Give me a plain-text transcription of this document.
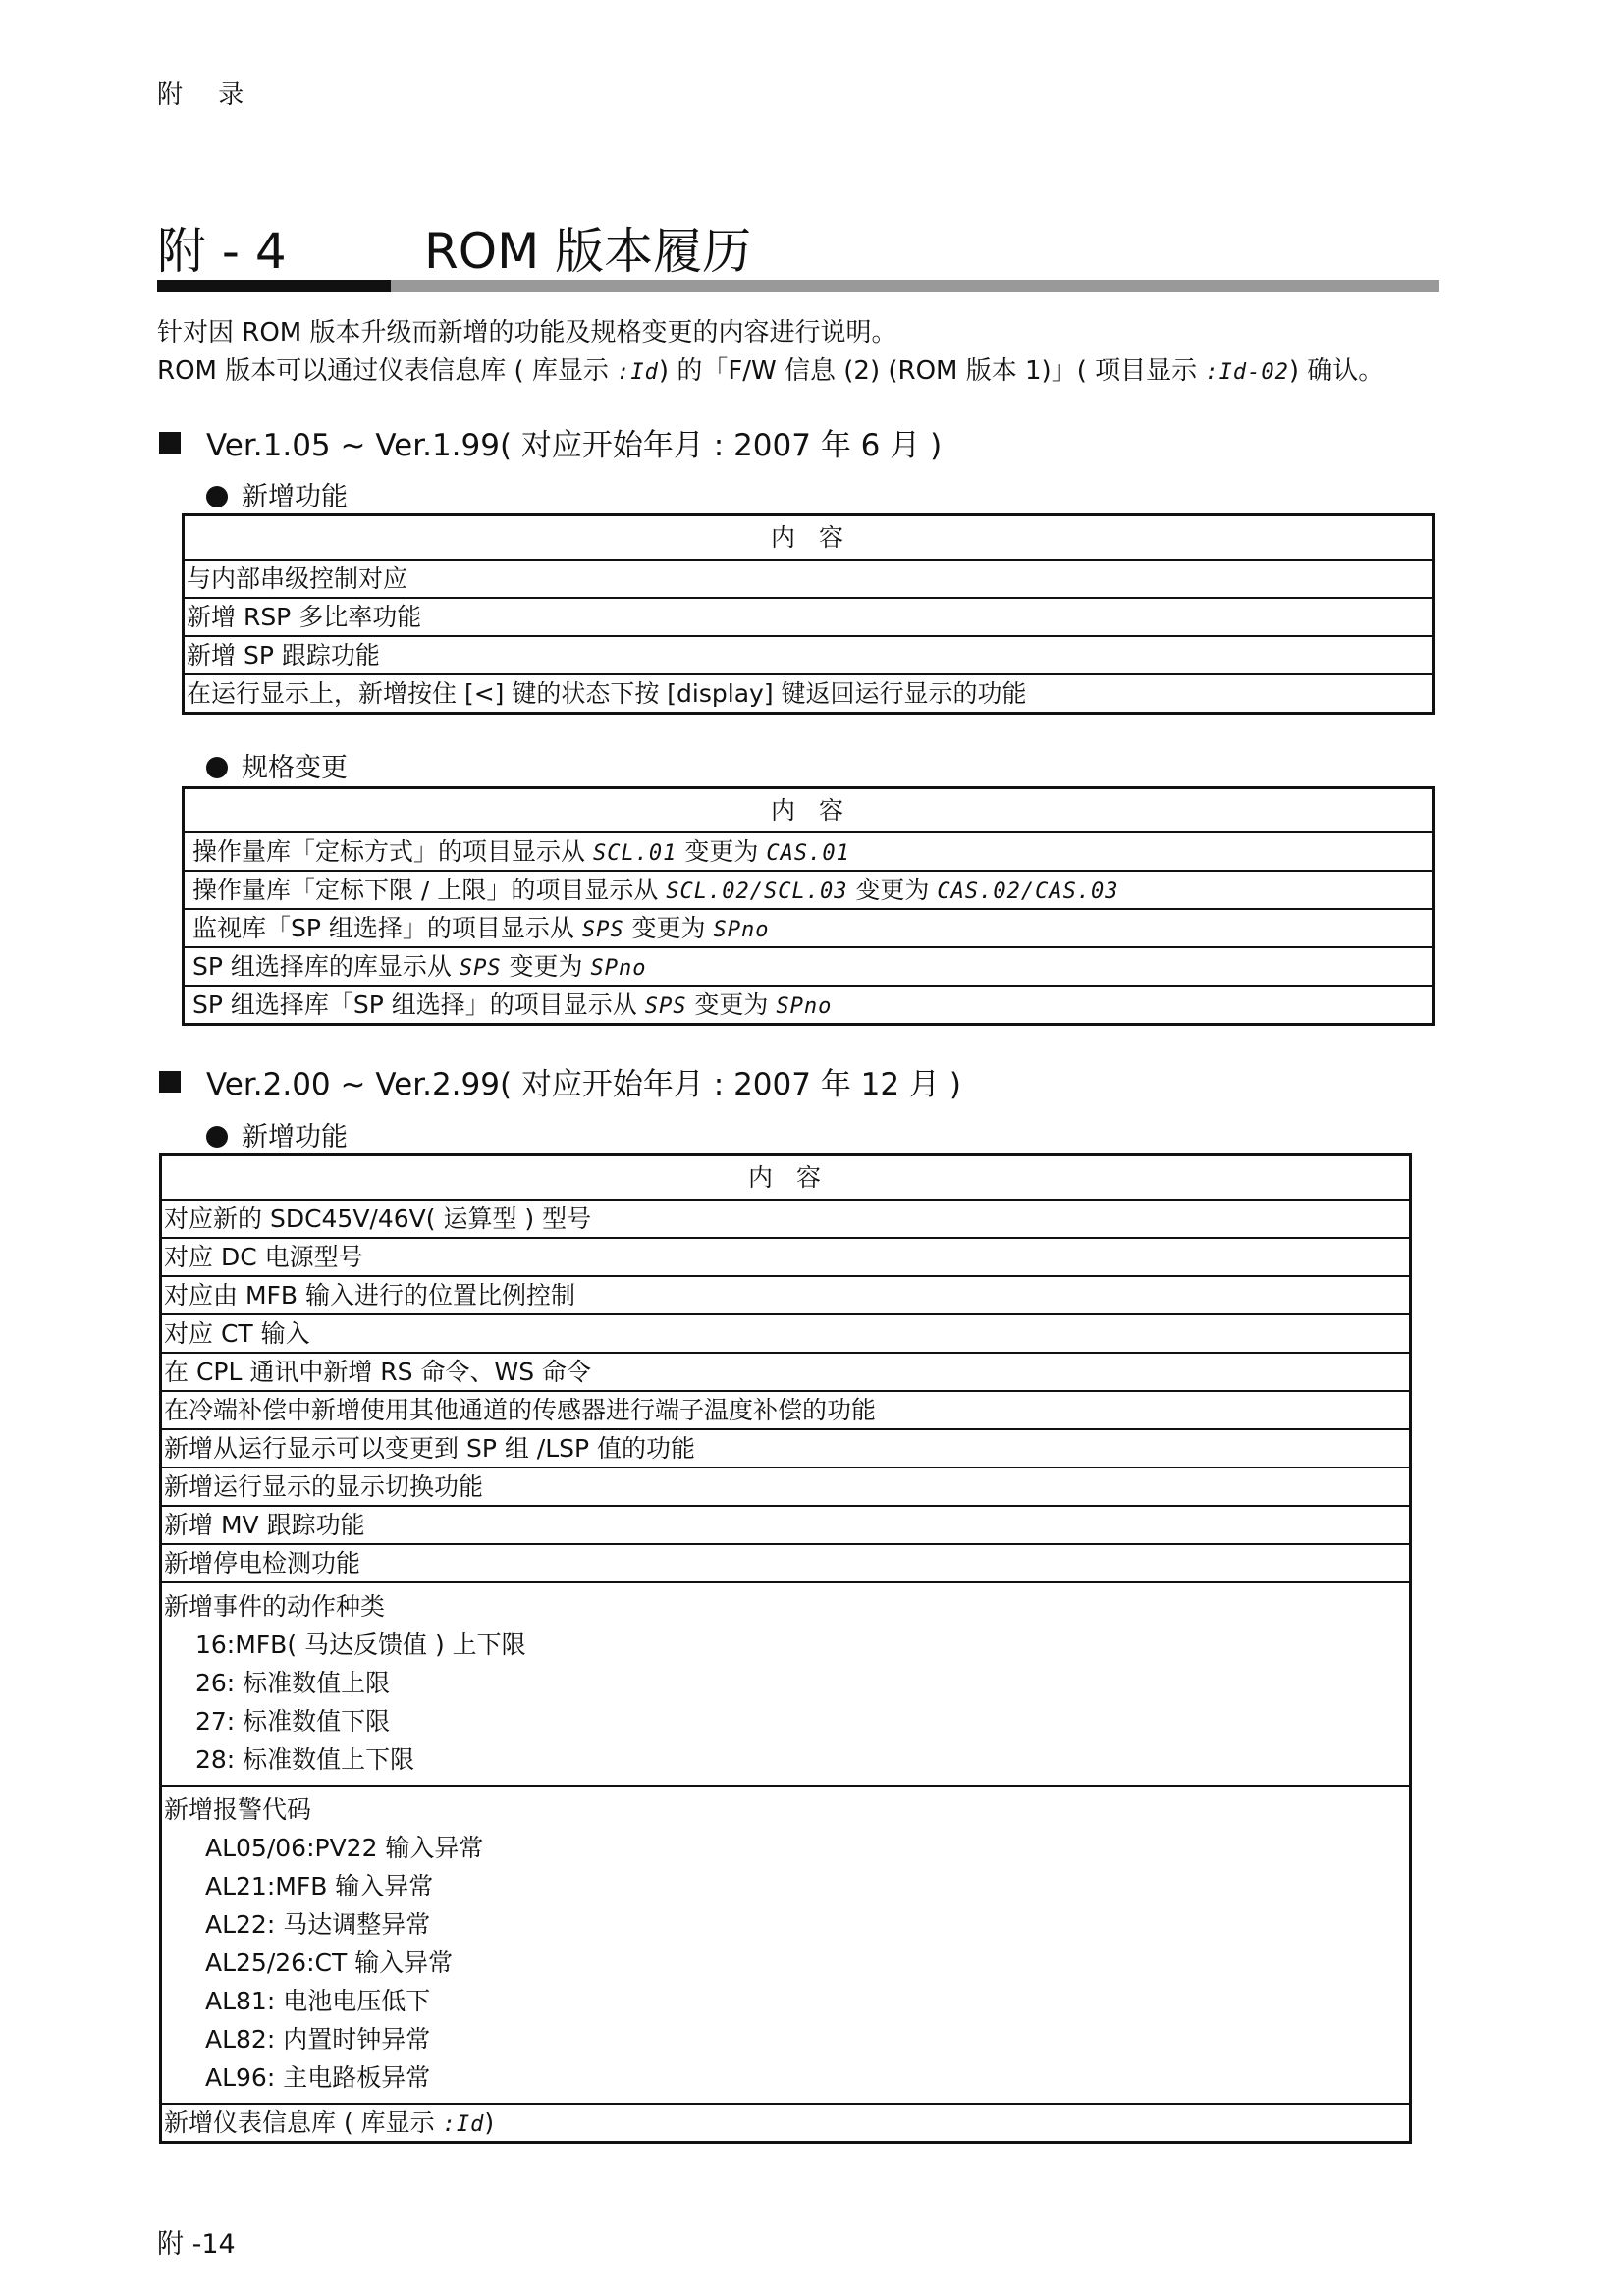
附 录
附 - 4	ROM 版本履历
针对因 ROM 版本升级而新增的功能及规格变更的内容进行说明。
ROM 版本可以通过仪表信息库 ( 库显示 :Id) 的「F/W 信息 (2) (ROM 版本 1)」( 项目显示 :Id-02) 确认。
Ver.1.05 ~ Ver.1.99( 对应开始年月 : 2007 年 6 月 )
新增功能
内容
与内部串级控制对应
新增 RSP 多比率功能
新增 SP 跟踪功能
在运行显示上，新增按住 [<] 键的状态下按 [display] 键返回运行显示的功能
规格变更
内容
操作量库「定标方式」的项目显示从 SCL.01 变更为 CAS.01
操作量库「定标下限 / 上限」的项目显示从 SCL.02/SCL.03 变更为 CAS.02/CAS.03
监视库「SP 组选择」的项目显示从 SPS 变更为 SPno
SP 组选择库的库显示从 SPS 变更为 SPno
SP 组选择库「SP 组选择」的项目显示从 SPS 变更为 SPno
Ver.2.00 ~ Ver.2.99( 对应开始年月 : 2007 年 12 月 )
新增功能
内容
对应新的 SDC45V/46V( 运算型 ) 型号
对应 DC 电源型号
对应由 MFB 输入进行的位置比例控制
对应 CT 输入
在 CPL 通讯中新增 RS 命令、WS 命令
在冷端补偿中新增使用其他通道的传感器进行端子温度补偿的功能
新增从运行显示可以变更到 SP 组 /LSP 值的功能
新增运行显示的显示切换功能
新增 MV 跟踪功能
新增停电检测功能

新增事件的动作种类
16:MFB( 马达反馈值 ) 上下限
26: 标准数值上限
27: 标准数值下限
28: 标准数值上下限

新增报警代码
AL05/06:PV22 输入异常
AL21:MFB 输入异常
AL22: 马达调整异常
AL25/26:CT 输入异常
AL81: 电池电压低下
AL82: 内置时钟异常
AL96: 主电路板异常

新增仪表信息库 ( 库显示 :Id)
附 -14
